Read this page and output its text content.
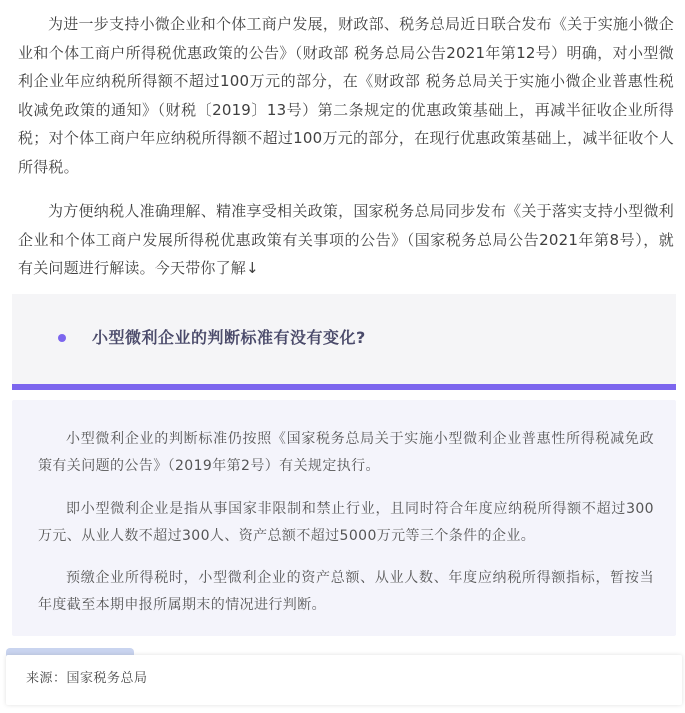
为进一步支持小微企业和个体工商户发展，财政部、税务总局近日联合发布《关于实施小微企业和个体工商户所得税优惠政策的公告》（财政部 税务总局公告2021年第12号）明确，对小型微利企业年应纳税所得额不超过100万元的部分，在《财政部 税务总局关于实施小微企业普惠性税收减免政策的通知》（财税〔2019〕13号）第二条规定的优惠政策基础上，再减半征收企业所得税；对个体工商户年应纳税所得额不超过100万元的部分，在现行优惠政策基础上，减半征收个人所得税。

为方便纳税人准确理解、精准享受相关政策，国家税务总局同步发布《关于落实支持小型微利企业和个体工商户发展所得税优惠政策有关事项的公告》（国家税务总局公告2021年第8号），就有关问题进行解读。今天带你了解↓

小型微利企业的判断标准有没有变化?

小型微利企业的判断标准仍按照《国家税务总局关于实施小型微利企业普惠性所得税减免政策有关问题的公告》（2019年第2号）有关规定执行。

即小型微利企业是指从事国家非限制和禁止行业，且同时符合年度应纳税所得额不超过300万元、从业人数不超过300人、资产总额不超过5000万元等三个条件的企业。

预缴企业所得税时，小型微利企业的资产总额、从业人数、年度应纳税所得额指标，暂按当年度截至本期申报所属期末的情况进行判断。

来源：国家税务总局
